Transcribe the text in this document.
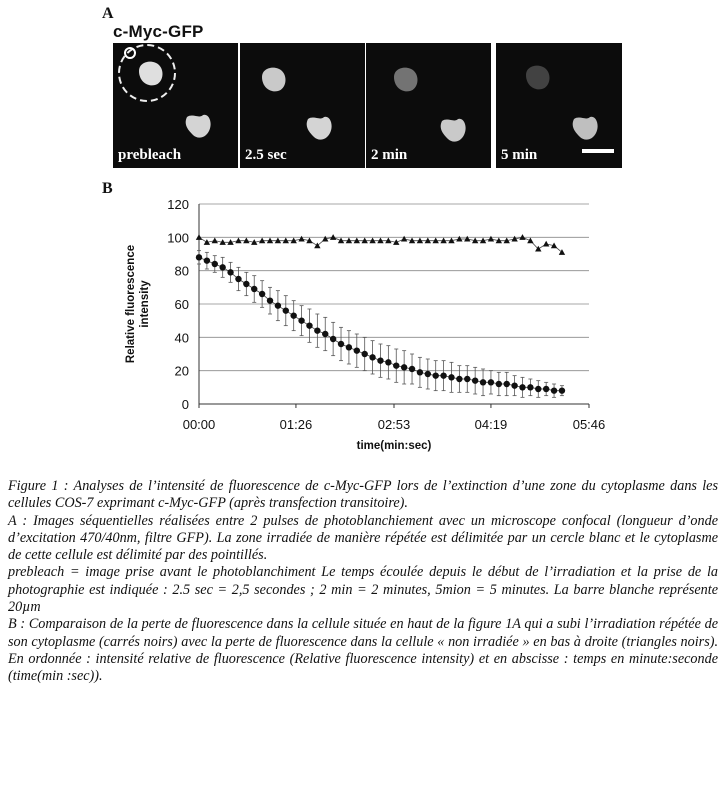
A
c-Myc-GFP
prebleach	2.5 sec	2 min	5 min
B
0
20
40
60
80
100
120
00:00	01:26	02:53	04:19	05:46
time(min:sec)
Relative fluorescence intensity

Figure 1 : Analyses de l’intensité de fluorescence de c-Myc-GFP lors de l’extinction d’une zone du cytoplasme dans les cellules COS-7 exprimant c-Myc-GFP (après transfection transitoire).

A : Images séquentielles réalisées entre 2 pulses de photoblanchiement avec un microscope confocal (longueur d’onde d’excitation 470/40nm, filtre GFP). La zone irradiée de manière répétée est délimitée par un cercle blanc et le cytoplasme de cette cellule est délimité par des pointillés.

prebleach = image prise avant le photoblanchiment Le temps écoulée depuis le début de l’irradiation et la prise de la photographie est indiquée : 2.5 sec = 2,5 secondes ; 2 min = 2 minutes, 5mion = 5 minutes. La barre blanche représente 20µm

B : Comparaison de la perte de fluorescence dans la cellule située en haut de la figure 1A qui a subi l’irradiation répétée de son cytoplasme (carrés noirs) avec la perte de fluorescence dans la cellule « non irradiée » en bas à droite (triangles noirs). En ordonnée : intensité relative de fluorescence (Relative fluorescence intensity) et en abscisse : temps en minute:seconde (time(min :sec)).
